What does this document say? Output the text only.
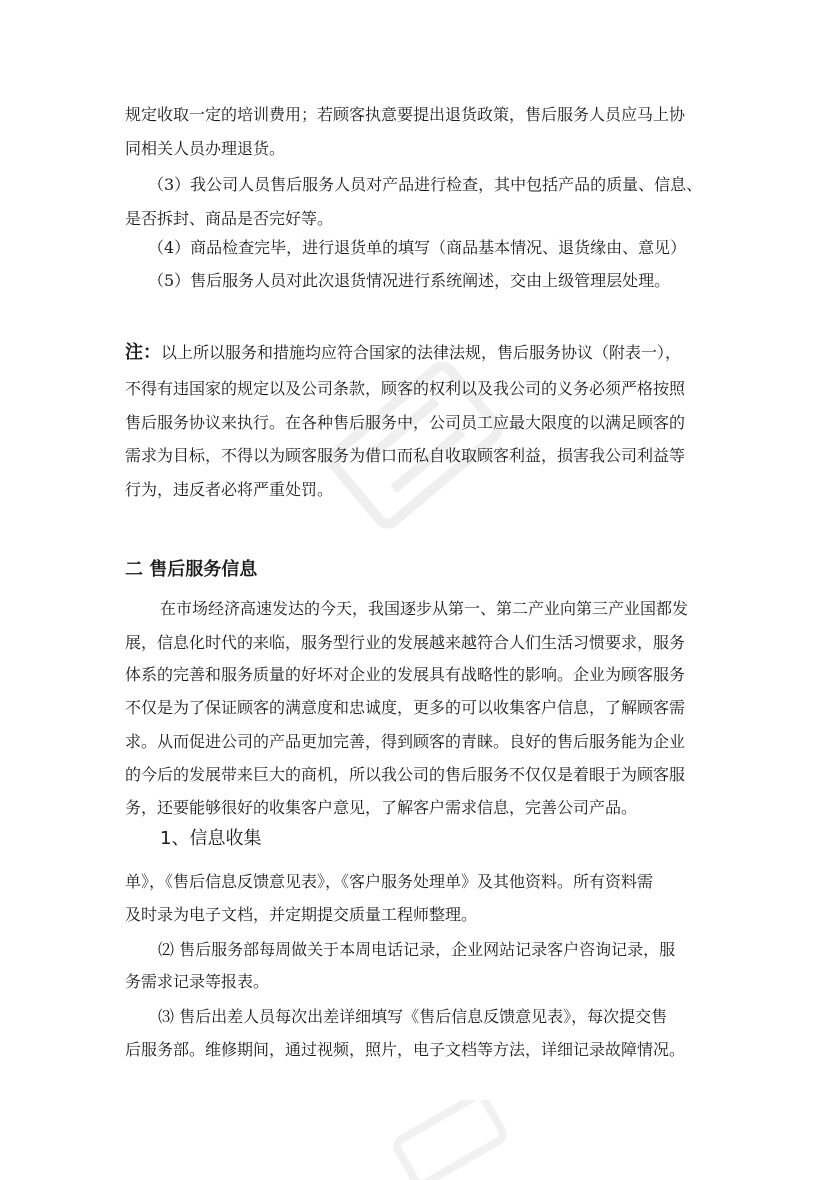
规定收取一定的培训费用；若顾客执意要提出退货政策，售后服务人员应马上协
同相关人员办理退货。
（3）我公司人员售后服务人员对产品进行检查，其中包括产品的质量、信息、
是否拆封、商品是否完好等。
（4）商品检查完毕，进行退货单的填写（商品基本情况、退货缘由、意见）
（5）售后服务人员对此次退货情况进行系统阐述，交由上级管理层处理。
注：以上所以服务和措施均应符合国家的法律法规，售后服务协议（附表一），
不得有违国家的规定以及公司条款，顾客的权利以及我公司的义务必须严格按照
售后服务协议来执行。在各种售后服务中，公司员工应最大限度的以满足顾客的
需求为目标，不得以为顾客服务为借口而私自收取顾客利益，损害我公司利益等
行为，违反者必将严重处罚。
二 售后服务信息
在市场经济高速发达的今天，我国逐步从第一、第二产业向第三产业国都发
展，信息化时代的来临，服务型行业的发展越来越符合人们生活习惯要求，服务
体系的完善和服务质量的好坏对企业的发展具有战略性的影响。企业为顾客服务
不仅是为了保证顾客的满意度和忠诚度，更多的可以收集客户信息，了解顾客需
求。从而促进公司的产品更加完善，得到顾客的青睐。良好的售后服务能为企业
的今后的发展带来巨大的商机，所以我公司的售后服务不仅仅是着眼于为顾客服
务，还要能够很好的收集客户意见，了解客户需求信息，完善公司产品。
1、信息收集
单》，《售后信息反馈意见表》，《客户服务处理单》及其他资料。所有资料需
及时录为电子文档，并定期提交质量工程师整理。
⑵ 售后服务部每周做关于本周电话记录，企业网站记录客户咨询记录，服
务需求记录等报表。
⑶ 售后出差人员每次出差详细填写《售后信息反馈意见表》，每次提交售
后服务部。维修期间，通过视频，照片，电子文档等方法，详细记录故障情况。
